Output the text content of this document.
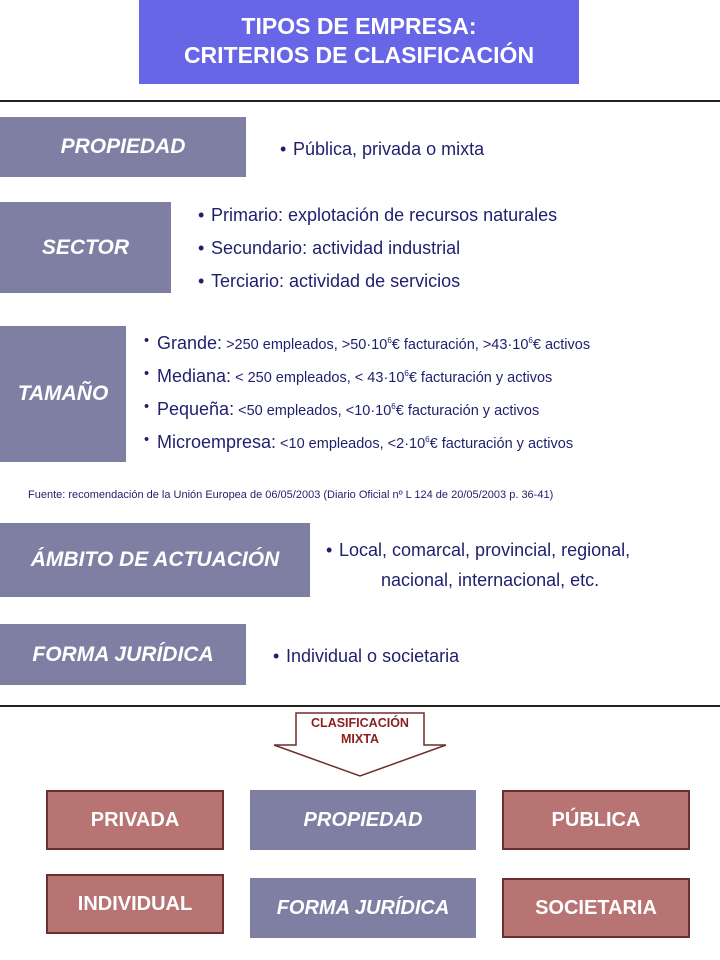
TIPOS DE EMPRESA:
CRITERIOS DE CLASIFICACIÓN
PROPIEDAD	• Pública, privada o mixta
SECTOR
• Primario: explotación de recursos naturales
• Secundario: actividad industrial
• Terciario: actividad de servicios
TAMAÑO
• Grande: >250 empleados, $>50\cdot 10^6€$ facturación, $>43\cdot 10^6€$ activos
• Mediana: < 250 empleados, < $43\cdot 10^6€$ facturación y activos
• Pequeña: <50 empleados, $<10\cdot 10^6€$ facturación y activos
• Microempresa: <10 empleados, $<2\cdot 10^6€$ facturación y activos
Fuente: recomendación de la Unión Europea de 06/05/2003 (Diario Oficial nº L 124 de 20/05/2003 p. 36-41)
ÁMBITO DE ACTUACIÓN	• Local, comarcal, provincial, regional,
nacional, internacional, etc.
FORMA JURÍDICA	• Individual o societaria
CLASIFICACIÓN
MIXTA
PRIVADA	PROPIEDAD	PÚBLICA
INDIVIDUAL	FORMA JURÍDICA	SOCIETARIA
